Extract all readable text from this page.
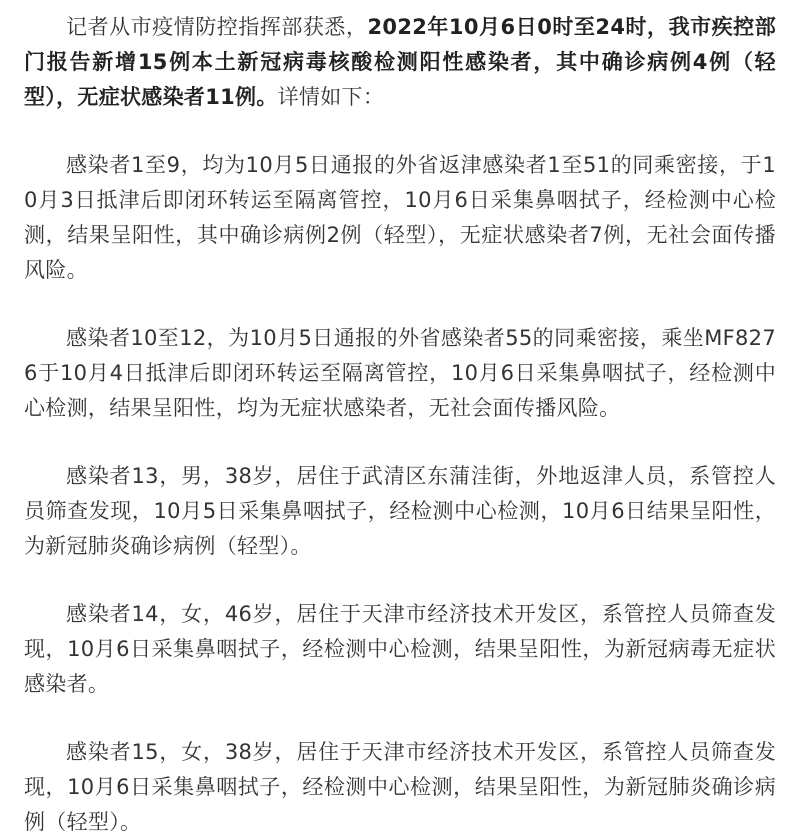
记者从市疫情防控指挥部获悉，2022年10月6日0时至24时，我市疾控部门报告新增15例本土新冠病毒核酸检测阳性感染者，其中确诊病例4例（轻型），无症状感染者11例。详情如下：

感染者1至9，均为10月5日通报的外省返津感染者1至51的同乘密接，于10月3日抵津后即闭环转运至隔离管控，10月6日采集鼻咽拭子，经检测中心检测，结果呈阳性，其中确诊病例2例（轻型），无症状感染者7例，无社会面传播风险。

感染者10至12，为10月5日通报的外省感染者55的同乘密接，乘坐MF8276于10月4日抵津后即闭环转运至隔离管控，10月6日采集鼻咽拭子，经检测中心检测，结果呈阳性，均为无症状感染者，无社会面传播风险。

感染者13，男，38岁，居住于武清区东蒲洼街，外地返津人员，系管控人员筛查发现，10月5日采集鼻咽拭子，经检测中心检测，10月6日结果呈阳性，为新冠肺炎确诊病例（轻型）。

感染者14，女，46岁，居住于天津市经济技术开发区，系管控人员筛查发现，10月6日采集鼻咽拭子，经检测中心检测，结果呈阳性，为新冠病毒无症状感染者。

感染者15，女，38岁，居住于天津市经济技术开发区，系管控人员筛查发现，10月6日采集鼻咽拭子，经检测中心检测，结果呈阳性，为新冠肺炎确诊病例（轻型）。
